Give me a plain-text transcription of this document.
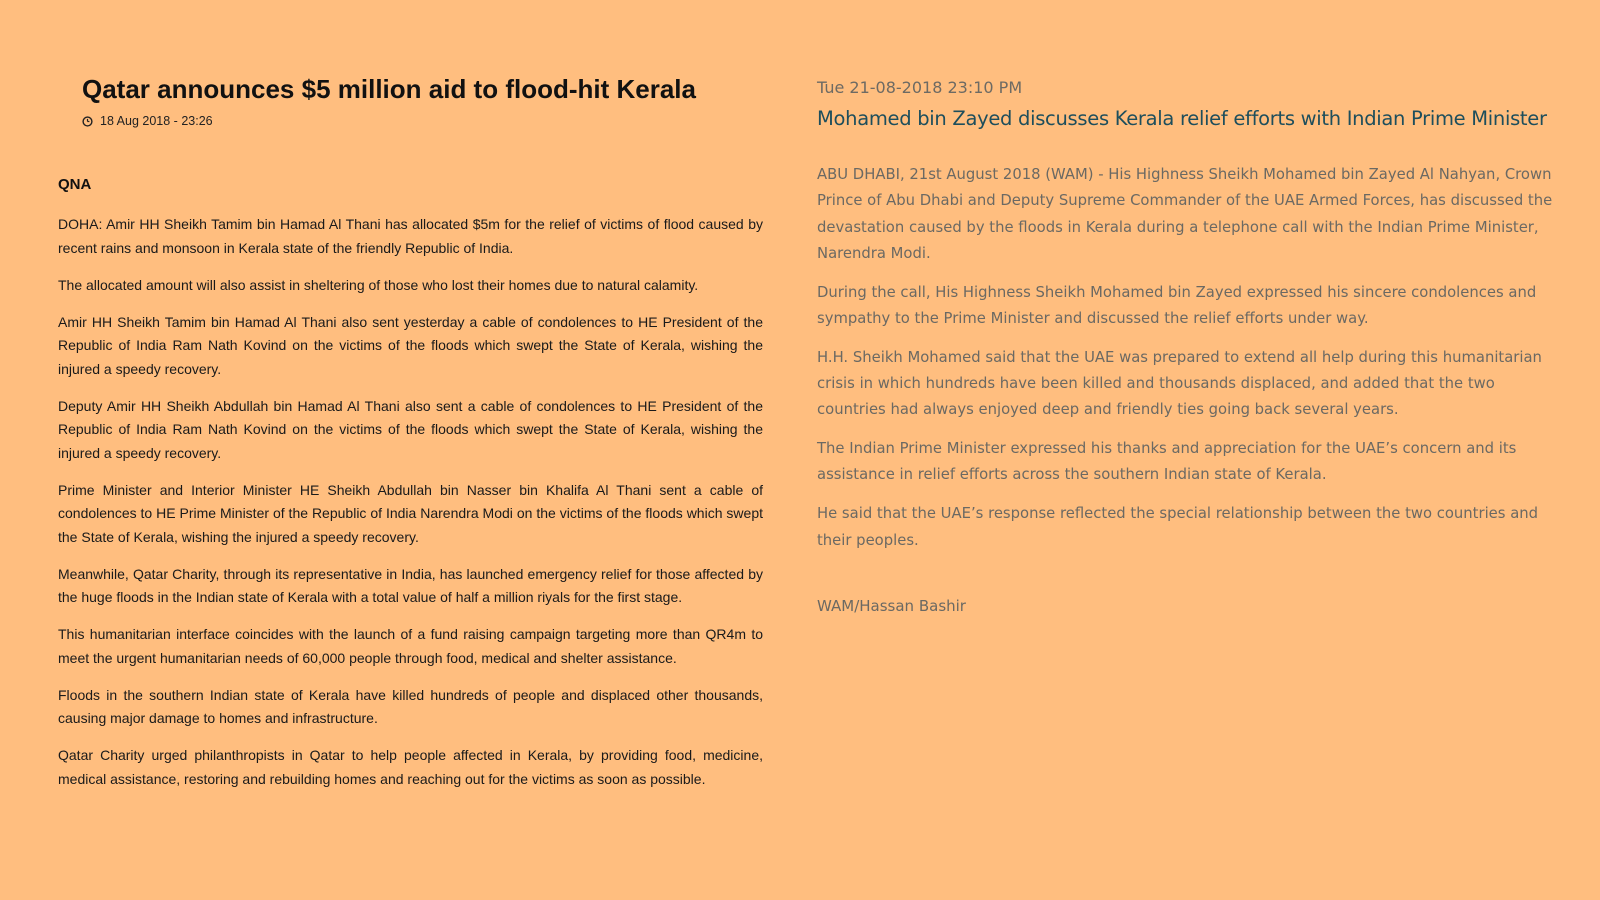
Qatar announces $5 million aid to flood-hit Kerala
18 Aug 2018 - 23:26
QNA

DOHA: Amir HH Sheikh Tamim bin Hamad Al Thani has allocated $5m for the relief of victims of flood caused by recent rains and monsoon in Kerala state of the friendly Republic of India.

The allocated amount will also assist in sheltering of those who lost their homes due to natural calamity.

Amir HH Sheikh Tamim bin Hamad Al Thani also sent yesterday a cable of condolences to HE President of the Republic of India Ram Nath Kovind on the victims of the floods which swept the State of Kerala, wishing the injured a speedy recovery.

Deputy Amir HH Sheikh Abdullah bin Hamad Al Thani also sent a cable of condolences to HE President of the Republic of India Ram Nath Kovind on the victims of the floods which swept the State of Kerala, wishing the injured a speedy recovery.

Prime Minister and Interior Minister HE Sheikh Abdullah bin Nasser bin Khalifa Al Thani sent a cable of condolences to HE Prime Minister of the Republic of India Narendra Modi on the victims of the floods which swept the State of Kerala, wishing the injured a speedy recovery.

Meanwhile, Qatar Charity, through its representative in India, has launched emergency relief for those affected by the huge floods in the Indian state of Kerala with a total value of half a million riyals for the first stage.

This humanitarian interface coincides with the launch of a fund raising campaign targeting more than QR4m to meet the urgent humanitarian needs of 60,000 people through food, medical and shelter assistance.

Floods in the southern Indian state of Kerala have killed hundreds of people and displaced other thousands, causing major damage to homes and infrastructure.

Qatar Charity urged philanthropists in Qatar to help people affected in Kerala, by providing food, medicine, medical assistance, restoring and rebuilding homes and reaching out for the victims as soon as possible.

Tue 21-08-2018 23:10 PM
Mohamed bin Zayed discusses Kerala relief efforts with Indian Prime Minister

ABU DHABI, 21st August 2018 (WAM) - His Highness Sheikh Mohamed bin Zayed Al Nahyan, Crown Prince of Abu Dhabi and Deputy Supreme Commander of the UAE Armed Forces, has discussed the devastation caused by the floods in Kerala during a telephone call with the Indian Prime Minister, Narendra Modi.

During the call, His Highness Sheikh Mohamed bin Zayed expressed his sincere condolences and sympathy to the Prime Minister and discussed the relief efforts under way.

H.H. Sheikh Mohamed said that the UAE was prepared to extend all help during this humanitarian crisis in which hundreds have been killed and thousands displaced, and added that the two countries had always enjoyed deep and friendly ties going back several years.

The Indian Prime Minister expressed his thanks and appreciation for the UAE’s concern and its assistance in relief efforts across the southern Indian state of Kerala.

He said that the UAE’s response reflected the special relationship between the two countries and their peoples.

WAM/Hassan Bashir
